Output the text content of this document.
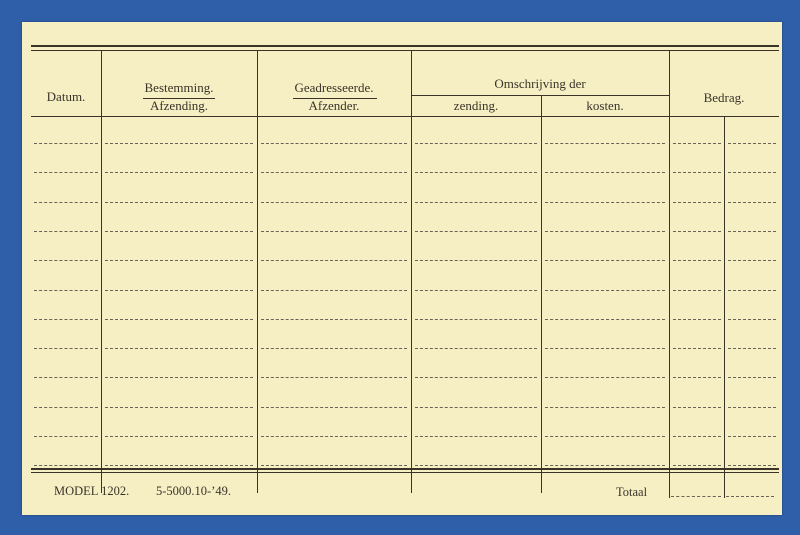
Datum.
Bestemming.
Afzending.
Geadresseerde.
Afzender.
Omschrijving der
zending.	kosten.
Bedrag.
MODEL 1202. 5-5000.10-’49.	Totaal
